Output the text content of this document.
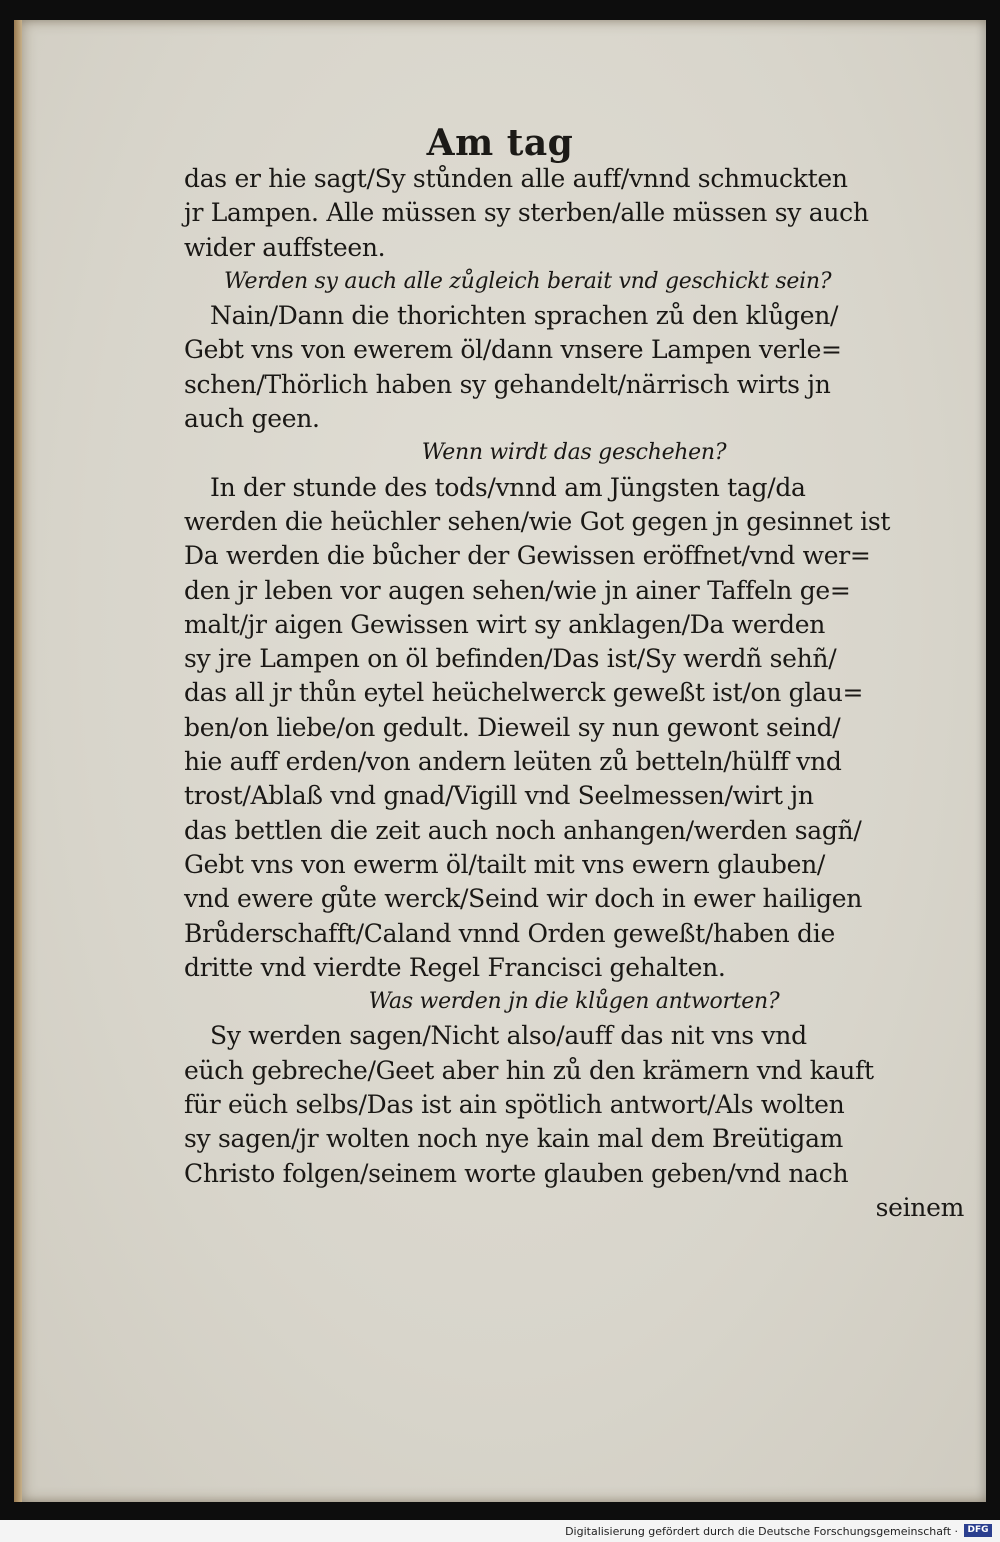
Am tag
das er hie sagt/Sy stůnden alle auff/vnnd schmuckten
jr Lampen. Alle müssen sy sterben/alle müssen sy auch
wider auffsteen.
Werden sy auch alle zůgleich berait vnd geschickt sein?
Nain/Dann die thorichten sprachen zů den klůgen/
Gebt vns von ewerem öl/dann vnsere Lampen verle=
schen/Thörlich haben sy gehandelt/närrisch wirts jn
auch geen.
Wenn wirdt das geschehen?
In der stunde des tods/vnnd am Jüngsten tag/da
werden die heüchler sehen/wie Got gegen jn gesinnet ist
Da werden die bůcher der Gewissen eröffnet/vnd wer=
den jr leben vor augen sehen/wie jn ainer Taffeln ge=
malt/jr aigen Gewissen wirt sy anklagen/Da werden
sy jre Lampen on öl befinden/Das ist/Sy werdñ sehñ/
das all jr thůn eytel heüchelwerck geweßt ist/on glau=
ben/on liebe/on gedult. Dieweil sy nun gewont seind/
hie auff erden/von andern leüten zů betteln/hülff vnd
trost/Ablaß vnd gnad/Vigill vnd Seelmessen/wirt jn
das bettlen die zeit auch noch anhangen/werden sagñ/
Gebt vns von ewerm öl/tailt mit vns ewern glauben/
vnd ewere gůte werck/Seind wir doch in ewer hailigen
Brůderschafft/Caland vnnd Orden geweßt/haben die
dritte vnd vierdte Regel Francisci gehalten.
Was werden jn die klůgen antworten?
Sy werden sagen/Nicht also/auff das nit vns vnd
eüch gebreche/Geet aber hin zů den krämern vnd kauft
für eüch selbs/Das ist ain spötlich antwort/Als wolten
sy sagen/jr wolten noch nye kain mal dem Breütigam
Christo folgen/seinem worte glauben geben/vnd nach
seinem
Digitalisierung gefördert durch die Deutsche Forschungsgemeinschaft ·	DFG
